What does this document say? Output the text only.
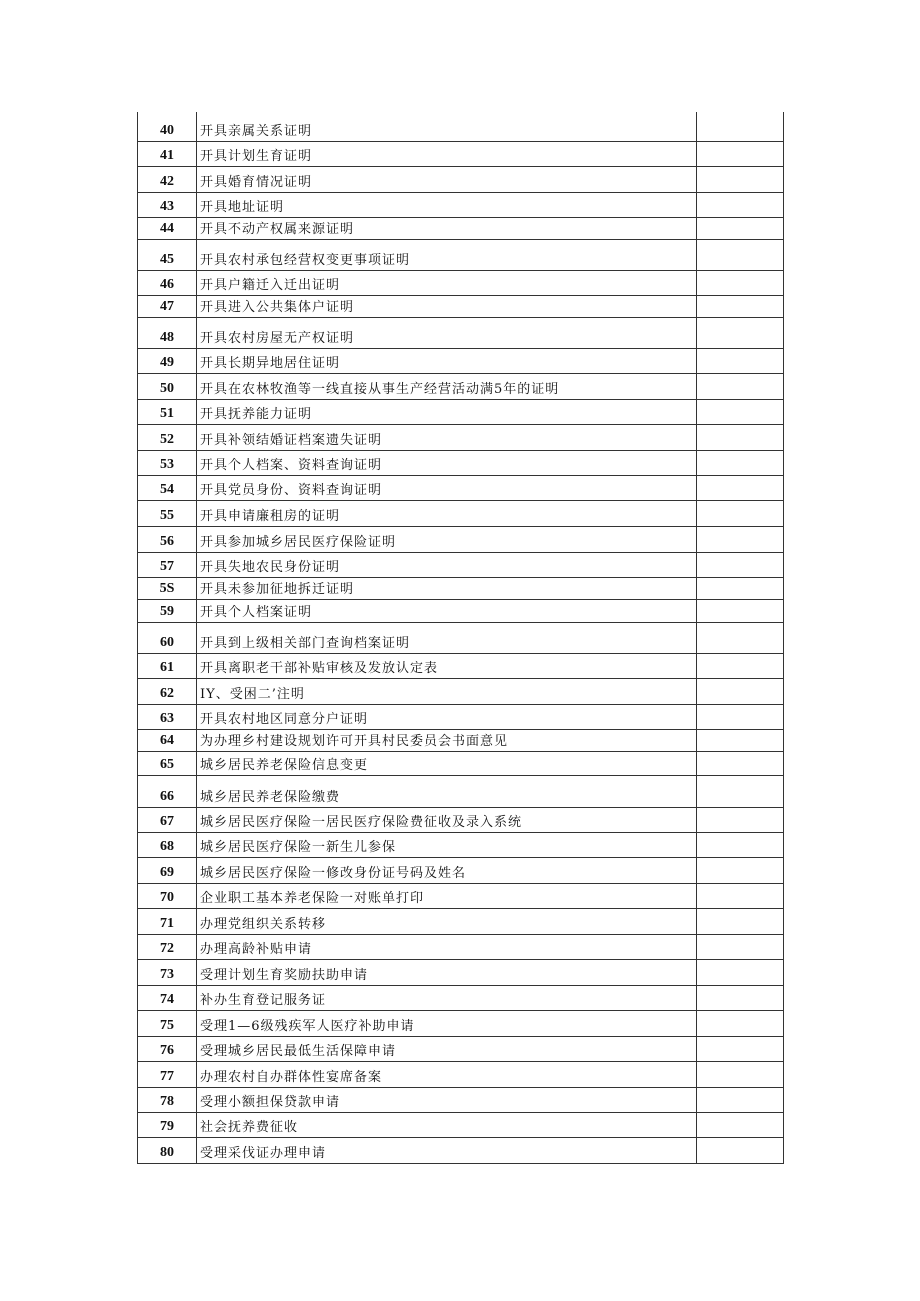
40	开具亲属关系证明	
41	开具计划生育证明	
42	开具婚育情况证明	
43	开具地址证明	
44	开具不动产权属来源证明	
45	开具农村承包经营权变更事项证明	
46	开具户籍迁入迁出证明	
47	开具进入公共集体户证明	
48	开具农村房屋无产权证明	
49	开具长期异地居住证明	
50	开具在农林牧渔等一线直接从事生产经营活动满5年的证明	
51	开具抚养能力证明	
52	开具补领结婚证档案遗失证明	
53	开具个人档案、资料查询证明	
54	开具党员身份、资料查询证明	
55	开具申请廉租房的证明	
56	开具参加城乡居民医疗保险证明	
57	开具失地农民身份证明	
5S	开具未参加征地拆迁证明	
59	开具个人档案证明	
60	开具到上级相关部门查询档案证明	
61	开具离职老干部补贴审核及发放认定表	
62	IY、受困二’注明	
63	开具农村地区同意分户证明	
64	为办理乡村建设规划许可开具村民委员会书面意见	
65	城乡居民养老保险信息变更	
66	城乡居民养老保险缴费	
67	城乡居民医疗保险一居民医疗保险费征收及录入系统	
68	城乡居民医疗保险一新生儿参保	
69	城乡居民医疗保险一修改身份证号码及姓名	
70	企业职工基本养老保险一对账单打印	
71	办理党组织关系转移	
72	办理高龄补贴申请	
73	受理计划生育奖励扶助申请	
74	补办生育登记服务证	
75	受理1—6级残疾军人医疗补助申请	
76	受理城乡居民最低生活保障申请	
77	办理农村自办群体性宴席备案	
78	受理小额担保贷款申请	
79	社会抚养费征收	
80	受理采伐证办理申请	
